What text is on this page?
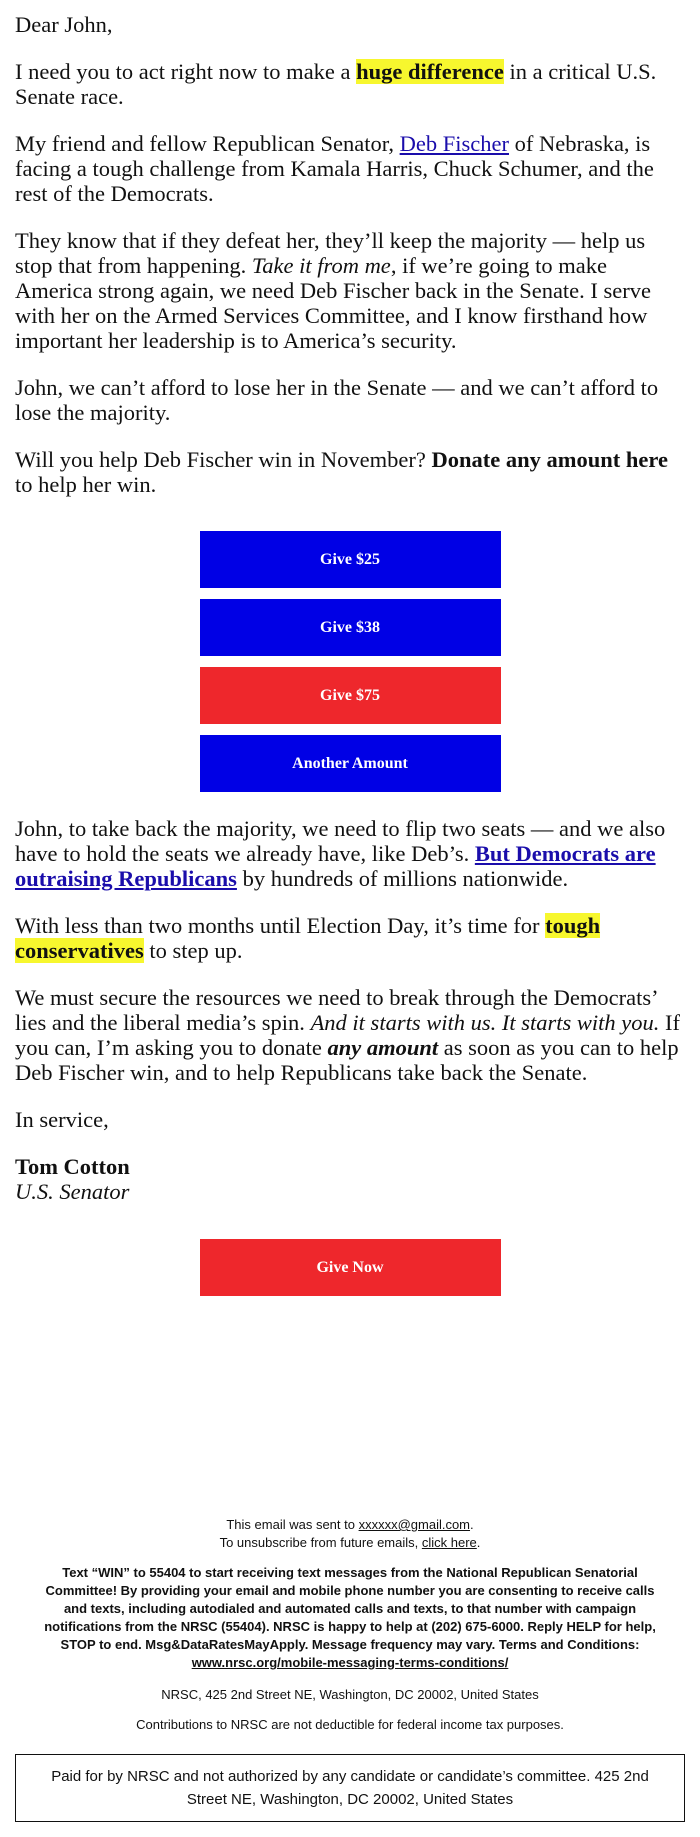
Dear John,

I need you to act right now to make a huge difference in a critical U.S. Senate race.

My friend and fellow Republican Senator, Deb Fischer of Nebraska, is facing a tough challenge from Kamala Harris, Chuck Schumer, and the rest of the Democrats.

They know that if they defeat her, they’ll keep the majority — help us stop that from happening. Take it from me, if we’re going to make America strong again, we need Deb Fischer back in the Senate. I serve with her on the Armed Services Committee, and I know firsthand how important her leadership is to America’s security.

John, we can’t afford to lose her in the Senate — and we can’t afford to lose the majority.

Will you help Deb Fischer win in November? Donate any amount here to help her win.

Give $25
Give $38
Give $75
Another Amount

John, to take back the majority, we need to flip two seats — and we also have to hold the seats we already have, like Deb’s. But Democrats are outraising Republicans by hundreds of millions nationwide.

With less than two months until Election Day, it’s time for tough conservatives to step up.

We must secure the resources we need to break through the Democrats’ lies and the liberal media’s spin. And it starts with us. It starts with you. If you can, I’m asking you to donate any amount as soon as you can to help Deb Fischer win, and to help Republicans take back the Senate.

In service,

Tom Cotton
U.S. Senator
Give Now
This email was sent to xxxxxx@gmail.com.
To unsubscribe from future emails, click here.
Text “WIN” to 55404 to start receiving text messages from the National Republican Senatorial Committee! By providing your email and mobile phone number you are consenting to receive calls and texts, including autodialed and automated calls and texts, to that number with campaign notifications from the NRSC (55404). NRSC is happy to help at (202) 675-6000. Reply HELP for help, STOP to end. Msg&DataRatesMayApply. Message frequency may vary. Terms and Conditions:
www.nrsc.org/mobile-messaging-terms-conditions/
NRSC, 425 2nd Street NE, Washington, DC 20002, United States
Contributions to NRSC are not deductible for federal income tax purposes.
Paid for by NRSC and not authorized by any candidate or candidate’s committee. 425 2nd Street NE, Washington, DC 20002, United States
